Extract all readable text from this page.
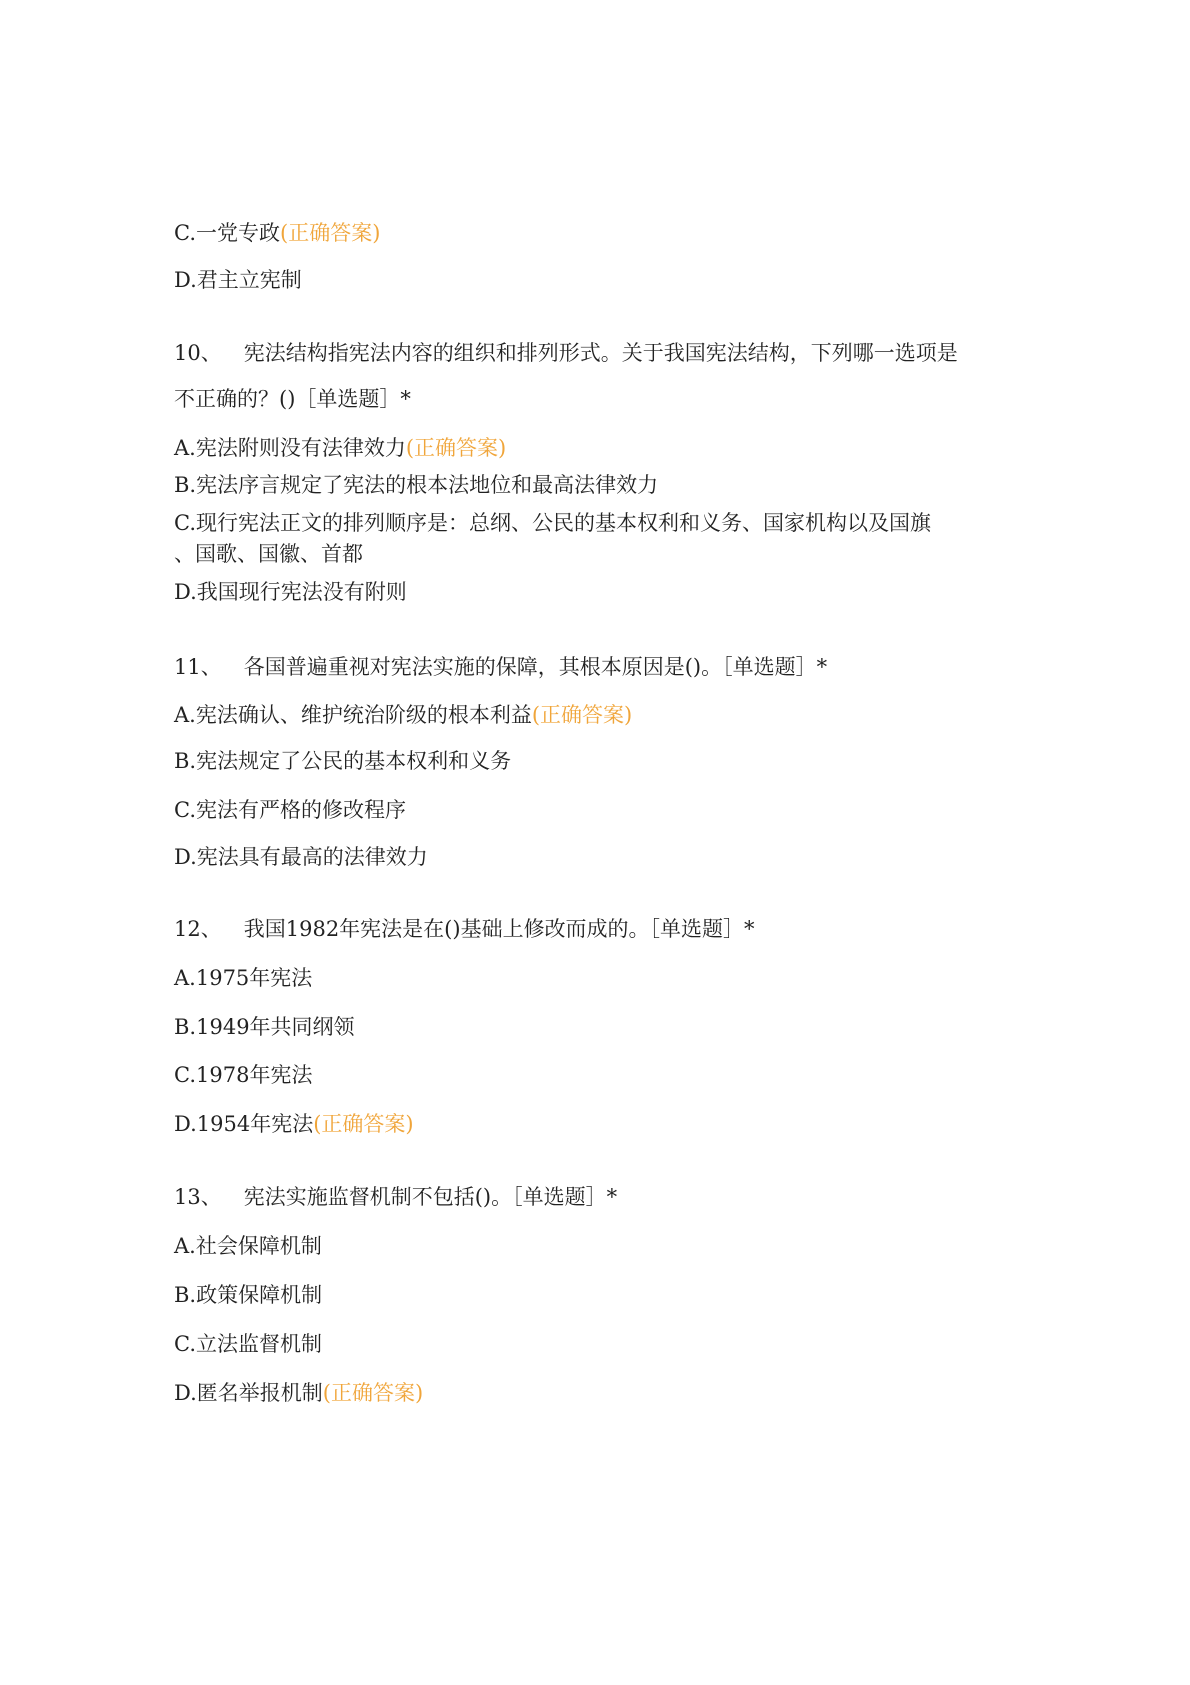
C.一党专政(正确答案)
D.君主立宪制
10、 宪法结构指宪法内容的组织和排列形式。关于我国宪法结构，下列哪一选项是
不正确的？()［单选题］*
A.宪法附则没有法律效力(正确答案)
B.宪法序言规定了宪法的根本法地位和最高法律效力
C.现行宪法正文的排列顺序是：总纲、公民的基本权利和义务、国家机构以及国旗
、国歌、国徽、首都
D.我国现行宪法没有附则
11、 各国普遍重视对宪法实施的保障，其根本原因是()。［单选题］*
A.宪法确认、维护统治阶级的根本利益(正确答案)
B.宪法规定了公民的基本权利和义务
C.宪法有严格的修改程序
D.宪法具有最高的法律效力
12、 我国1982年宪法是在()基础上修改而成的。［单选题］*
A.1975年宪法
B.1949年共同纲领
C.1978年宪法
D.1954年宪法(正确答案)
13、 宪法实施监督机制不包括()。［单选题］*
A.社会保障机制
B.政策保障机制
C.立法监督机制
D.匿名举报机制(正确答案)
